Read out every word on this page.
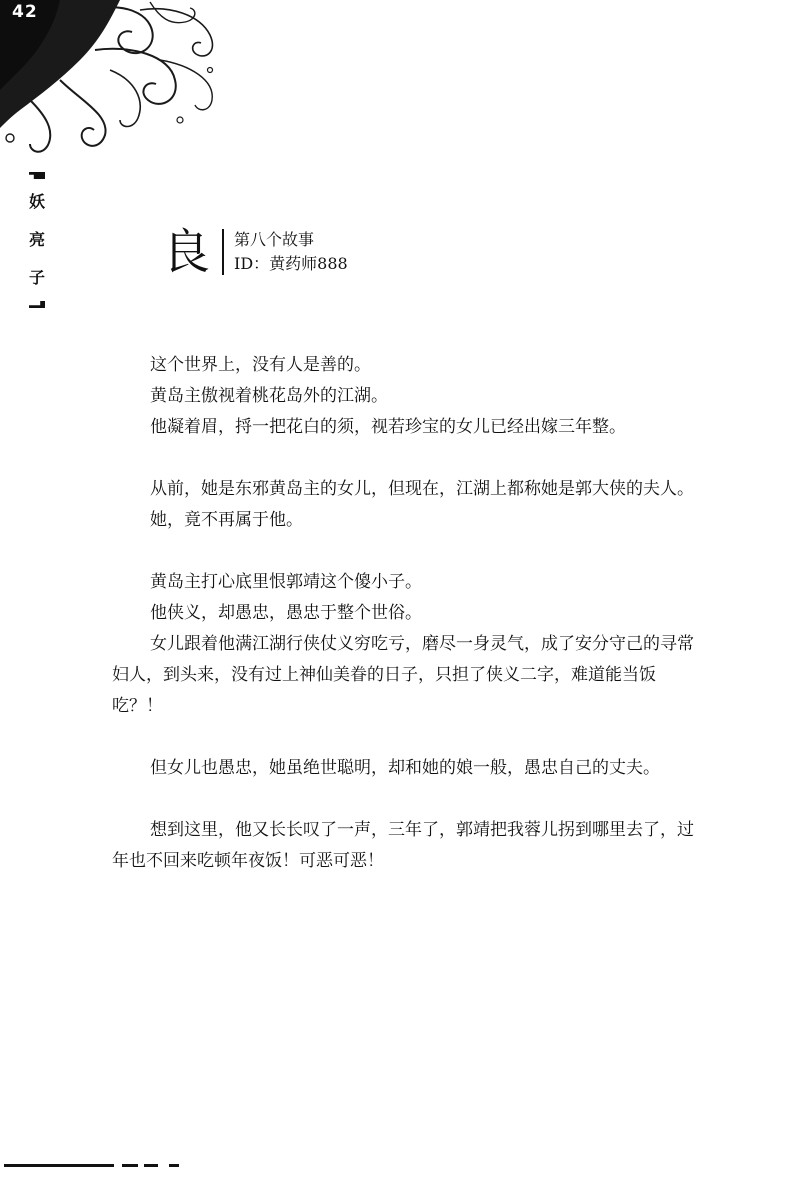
42
妖
亮
子 良 第八个故事
ID：黄药师888

这个世界上，没有人是善的。

黄岛主傲视着桃花岛外的江湖。

他凝着眉，捋一把花白的须，视若珍宝的女儿已经出嫁三年整。

从前，她是东邪黄岛主的女儿，但现在，江湖上都称她是郭大侠的夫人。

她，竟不再属于他。

黄岛主打心底里恨郭靖这个傻小子。

他侠义，却愚忠，愚忠于整个世俗。

女儿跟着他满江湖行侠仗义穷吃亏，磨尽一身灵气，成了安分守己的寻常妇人，到头来，没有过上神仙美眷的日子，只担了侠义二字，难道能当饭吃？！

但女儿也愚忠，她虽绝世聪明，却和她的娘一般，愚忠自己的丈夫。

想到这里，他又长长叹了一声，三年了，郭靖把我蓉儿拐到哪里去了，过年也不回来吃顿年夜饭！可恶可恶！
